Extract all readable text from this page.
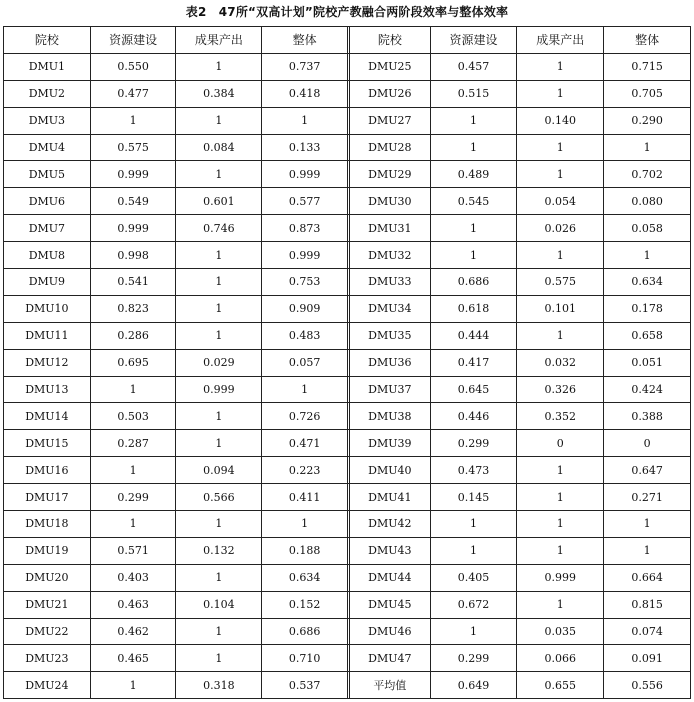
表2　47所“双高计划”院校产教融合两阶段效率与整体效率
院校	资源建设	成果产出	整体		院校	资源建设	成果产出	整体
DMU1	0.550	1	0.737		DMU25	0.457	1	0.715
DMU2	0.477	0.384	0.418		DMU26	0.515	1	0.705
DMU3	1	1	1		DMU27	1	0.140	0.290
DMU4	0.575	0.084	0.133		DMU28	1	1	1
DMU5	0.999	1	0.999		DMU29	0.489	1	0.702
DMU6	0.549	0.601	0.577		DMU30	0.545	0.054	0.080
DMU7	0.999	0.746	0.873		DMU31	1	0.026	0.058
DMU8	0.998	1	0.999		DMU32	1	1	1
DMU9	0.541	1	0.753		DMU33	0.686	0.575	0.634
DMU10	0.823	1	0.909		DMU34	0.618	0.101	0.178
DMU11	0.286	1	0.483		DMU35	0.444	1	0.658
DMU12	0.695	0.029	0.057		DMU36	0.417	0.032	0.051
DMU13	1	0.999	1		DMU37	0.645	0.326	0.424
DMU14	0.503	1	0.726		DMU38	0.446	0.352	0.388
DMU15	0.287	1	0.471		DMU39	0.299	0	0
DMU16	1	0.094	0.223		DMU40	0.473	1	0.647
DMU17	0.299	0.566	0.411		DMU41	0.145	1	0.271
DMU18	1	1	1		DMU42	1	1	1
DMU19	0.571	0.132	0.188		DMU43	1	1	1
DMU20	0.403	1	0.634		DMU44	0.405	0.999	0.664
DMU21	0.463	0.104	0.152		DMU45	0.672	1	0.815
DMU22	0.462	1	0.686		DMU46	1	0.035	0.074
DMU23	0.465	1	0.710		DMU47	0.299	0.066	0.091
DMU24	1	0.318	0.537		平均值	0.649	0.655	0.556
